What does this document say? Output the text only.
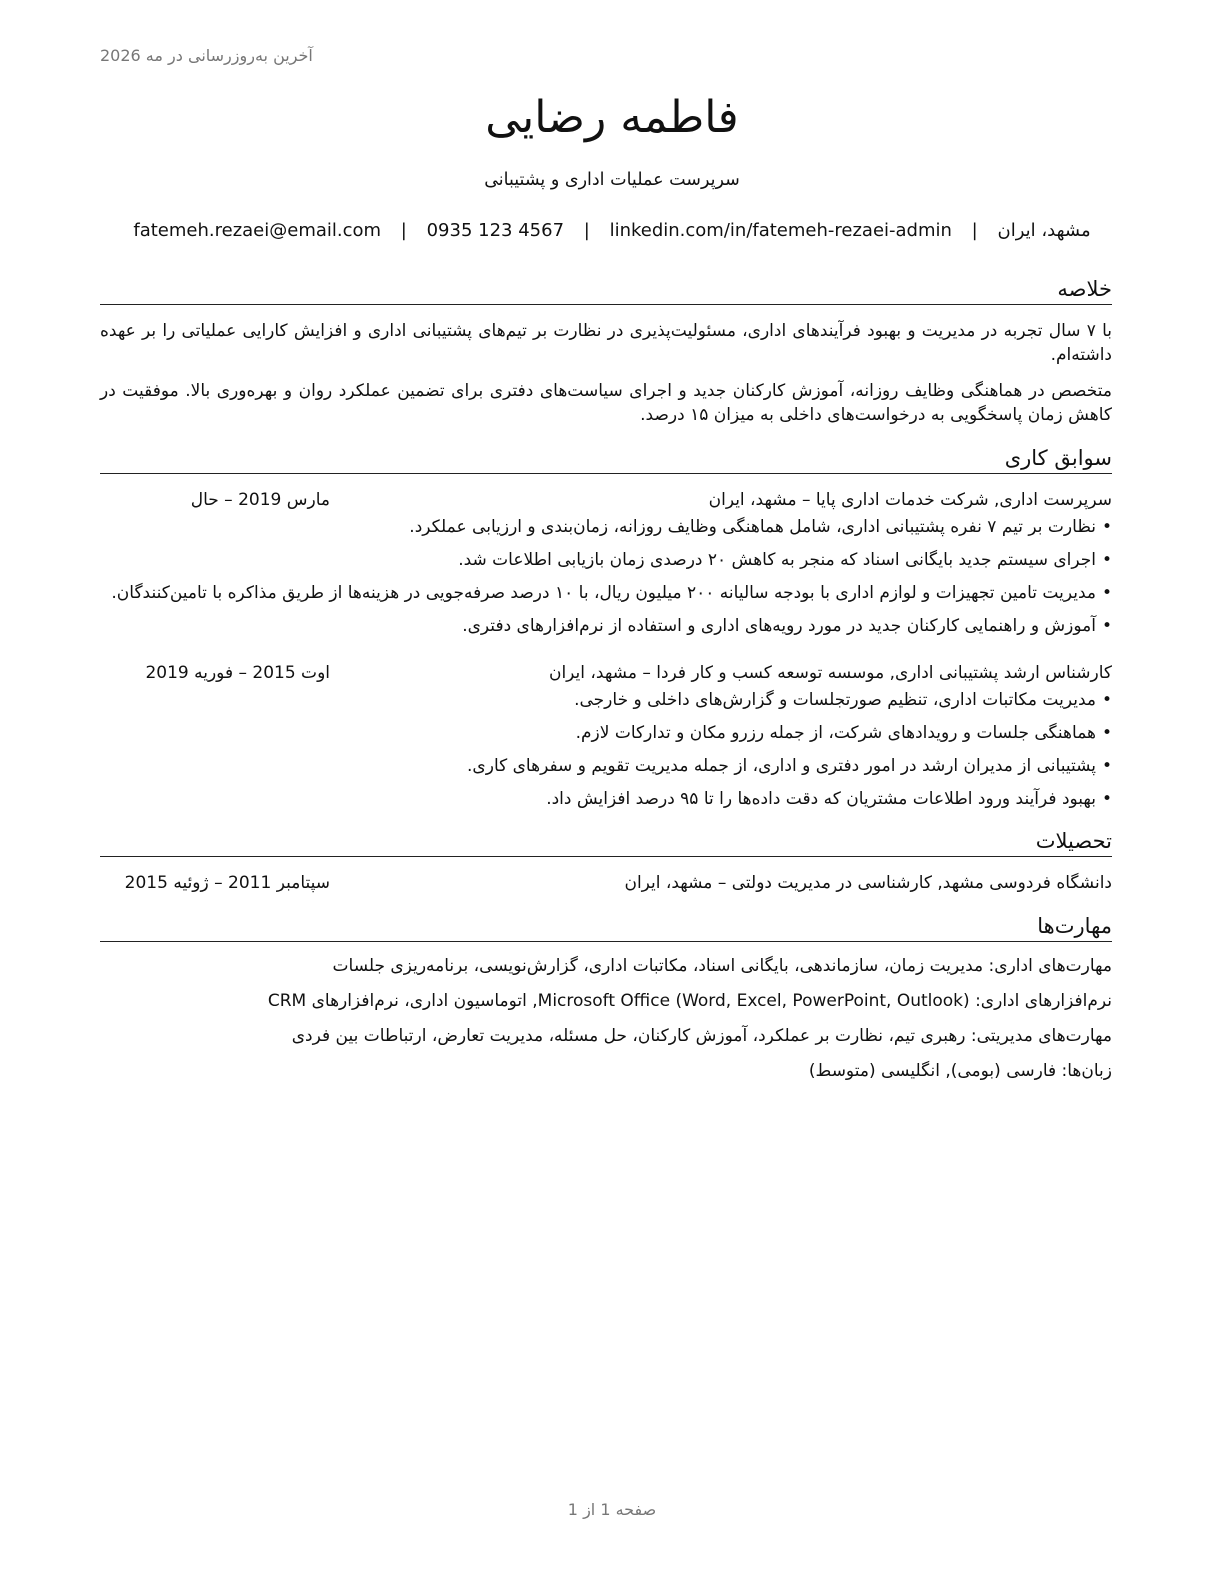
آخرین به‌روزرسانی در مه 2026
فاطمه رضایی
سرپرست عملیات اداری و پشتیبانی
مشهد، ایران | fatemeh.rezaei@email.com | 0935 123 4567 | linkedin.com/in/fatemeh-rezaei-admin
خلاصه

با ۷ سال تجربه در مدیریت و بهبود فرآیندهای اداری، مسئولیت‌پذیری در نظارت بر تیم‌های پشتیبانی اداری و افزایش کارایی عملیاتی را بر عهده داشته‌ام.

متخصص در هماهنگی وظایف روزانه، آموزش کارکنان جدید و اجرای سیاست‌های دفتری برای تضمین عملکرد روان و بهره‌وری بالا. موفقیت در کاهش زمان پاسخگویی به درخواست‌های داخلی به میزان ۱۵ درصد.

سوابق کاری
سرپرست اداری, شرکت خدمات اداری پایا – مشهد، ایران
مارس 2019 – حال
• نظارت بر تیم ۷ نفره پشتیبانی اداری، شامل هماهنگی وظایف روزانه، زمان‌بندی و ارزیابی عملکرد.
• اجرای سیستم جدید بایگانی اسناد که منجر به کاهش ۲۰ درصدی زمان بازیابی اطلاعات شد.
• مدیریت تامین تجهیزات و لوازم اداری با بودجه سالیانه ۲۰۰ میلیون ریال، با ۱۰ درصد صرفه‌جویی در هزینه‌ها از طریق مذاکره با تامین‌کنندگان.
• آموزش و راهنمایی کارکنان جدید در مورد رویه‌های اداری و استفاده از نرم‌افزارهای دفتری.
کارشناس ارشد پشتیبانی اداری, موسسه توسعه کسب و کار فردا – مشهد، ایران
اوت 2015 – فوریه 2019
• مدیریت مکاتبات اداری، تنظیم صورتجلسات و گزارش‌های داخلی و خارجی.
• هماهنگی جلسات و رویدادهای شرکت، از جمله رزرو مکان و تدارکات لازم.
• پشتیبانی از مدیران ارشد در امور دفتری و اداری، از جمله مدیریت تقویم و سفرهای کاری.
• بهبود فرآیند ورود اطلاعات مشتریان که دقت داده‌ها را تا ۹۵ درصد افزایش داد.
تحصیلات
دانشگاه فردوسی مشهد, کارشناسی در مدیریت دولتی – مشهد، ایران
سپتامبر 2011 – ژوئیه 2015
مهارت‌ها
مهارت‌های اداری: مدیریت زمان، سازماندهی، بایگانی اسناد، مکاتبات اداری، گزارش‌نویسی، برنامه‌ریزی جلسات
نرم‌افزارهای اداری: Microsoft Office (Word, Excel, PowerPoint, Outlook), اتوماسیون اداری، نرم‌افزارهای CRM
مهارت‌های مدیریتی: رهبری تیم، نظارت بر عملکرد، آموزش کارکنان، حل مسئله، مدیریت تعارض، ارتباطات بین فردی
زبان‌ها: فارسی (بومی), انگلیسی (متوسط)
صفحه 1 از 1
